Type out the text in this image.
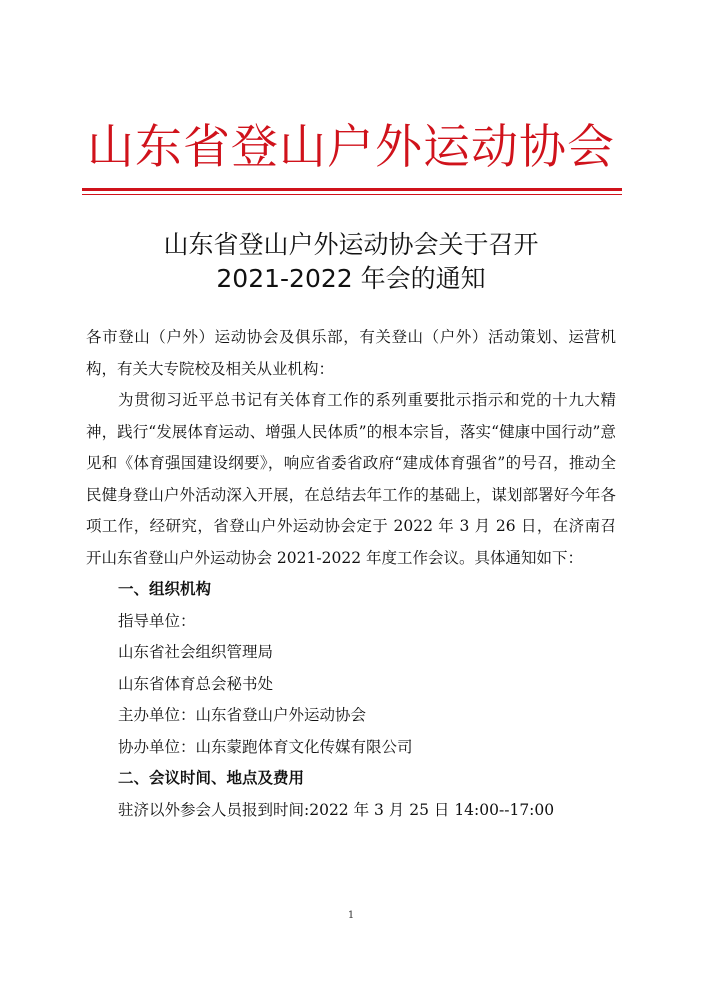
山东省登山户外运动协会
山东省登山户外运动协会关于召开
2021-2022 年会的通知

各市登山（户外）运动协会及俱乐部，有关登山（户外）活动策划、运营机构，有关大专院校及相关从业机构：

为贯彻习近平总书记有关体育工作的系列重要批示指示和党的十九大精神，践行“发展体育运动、增强人民体质”的根本宗旨，落实“健康中国行动”意见和《体育强国建设纲要》，响应省委省政府“建成体育强省”的号召，推动全民健身登山户外活动深入开展，在总结去年工作的基础上，谋划部署好今年各项工作，经研究，省登山户外运动协会定于 2022 年 3 月 26 日，在济南召开山东省登山户外运动协会 2021-2022 年度工作会议。具体通知如下：

一、组织机构

指导单位：

山东省社会组织管理局

山东省体育总会秘书处

主办单位：山东省登山户外运动协会

协办单位：山东蒙跑体育文化传媒有限公司

二、会议时间、地点及费用

驻济以外参会人员报到时间:2022 年 3 月 25 日 14:00--17:00

1
